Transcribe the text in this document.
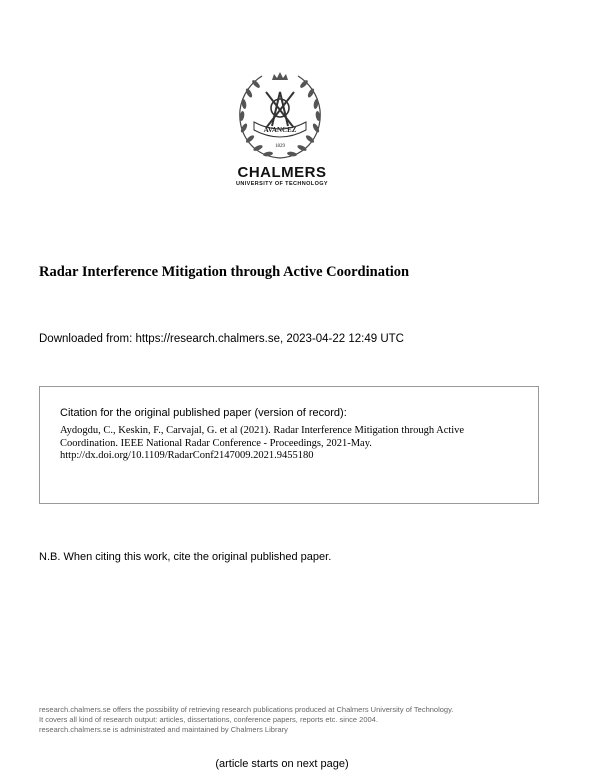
AVANCEZ
1829
CHALMERS
UNIVERSITY OF TECHNOLOGY
Radar Interference Mitigation through Active Coordination
Downloaded from: https://research.chalmers.se, 2023-04-22 12:49 UTC
Citation for the original published paper (version of record):
Aydogdu, C., Keskin, F., Carvajal, G. et al (2021). Radar Interference Mitigation through Active
Coordination. IEEE National Radar Conference - Proceedings, 2021-May.
http://dx.doi.org/10.1109/RadarConf2147009.2021.9455180
N.B. When citing this work, cite the original published paper.
research.chalmers.se offers the possibility of retrieving research publications produced at Chalmers University of Technology.
It covers all kind of research output: articles, dissertations, conference papers, reports etc. since 2004.
research.chalmers.se is administrated and maintained by Chalmers Library
(article starts on next page)
